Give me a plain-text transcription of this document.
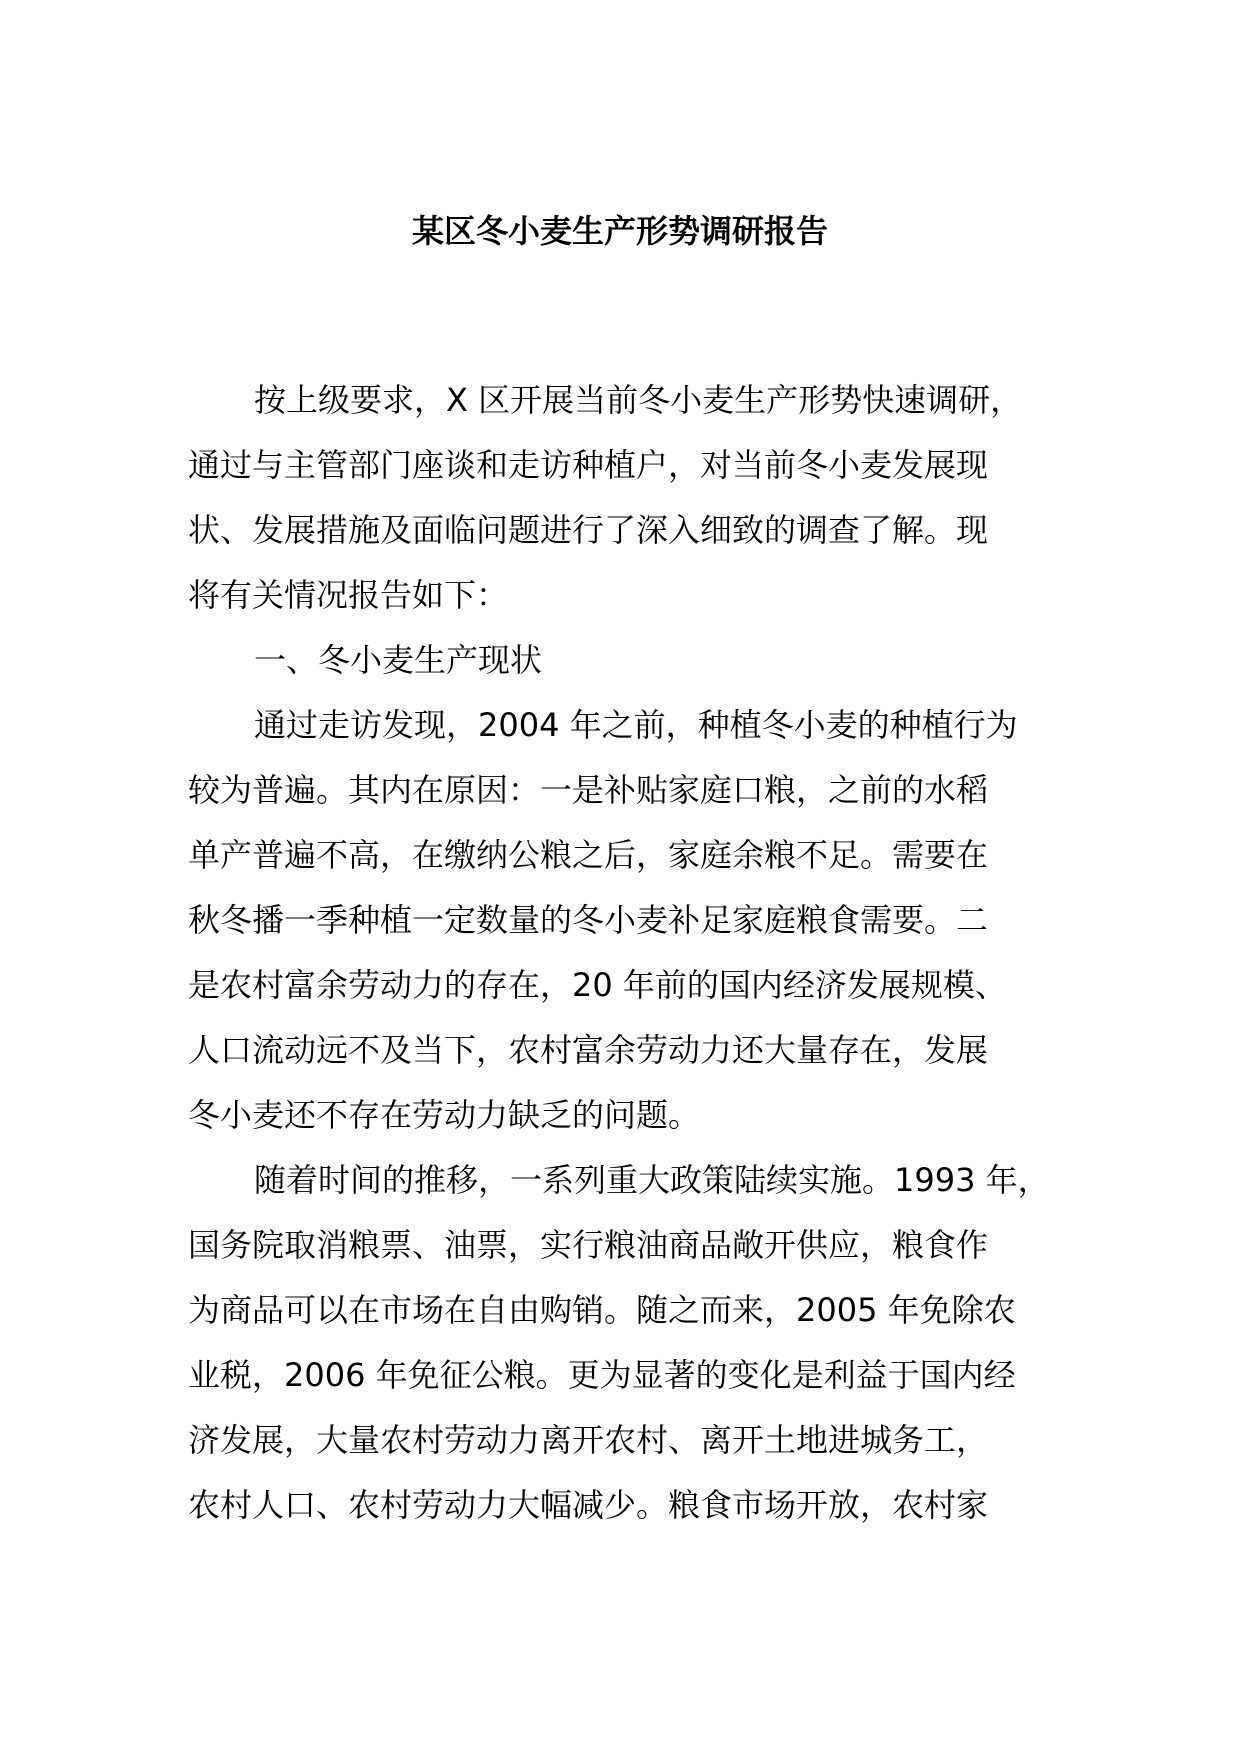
某区冬小麦生产形势调研报告
按上级要求，X 区开展当前冬小麦生产形势快速调研，
通过与主管部门座谈和走访种植户，对当前冬小麦发展现
状、发展措施及面临问题进行了深入细致的调查了解。现
将有关情况报告如下：
一、冬小麦生产现状
通过走访发现，2004 年之前，种植冬小麦的种植行为
较为普遍。其内在原因：一是补贴家庭口粮，之前的水稻
单产普遍不高，在缴纳公粮之后，家庭余粮不足。需要在
秋冬播一季种植一定数量的冬小麦补足家庭粮食需要。二
是农村富余劳动力的存在，20 年前的国内经济发展规模、
人口流动远不及当下，农村富余劳动力还大量存在，发展
冬小麦还不存在劳动力缺乏的问题。
随着时间的推移，一系列重大政策陆续实施。1993 年，
国务院取消粮票、油票，实行粮油商品敞开供应，粮食作
为商品可以在市场在自由购销。随之而来，2005 年免除农
业税，2006 年免征公粮。更为显著的变化是利益于国内经
济发展，大量农村劳动力离开农村、离开土地进城务工，
农村人口、农村劳动力大幅减少。粮食市场开放，农村家
